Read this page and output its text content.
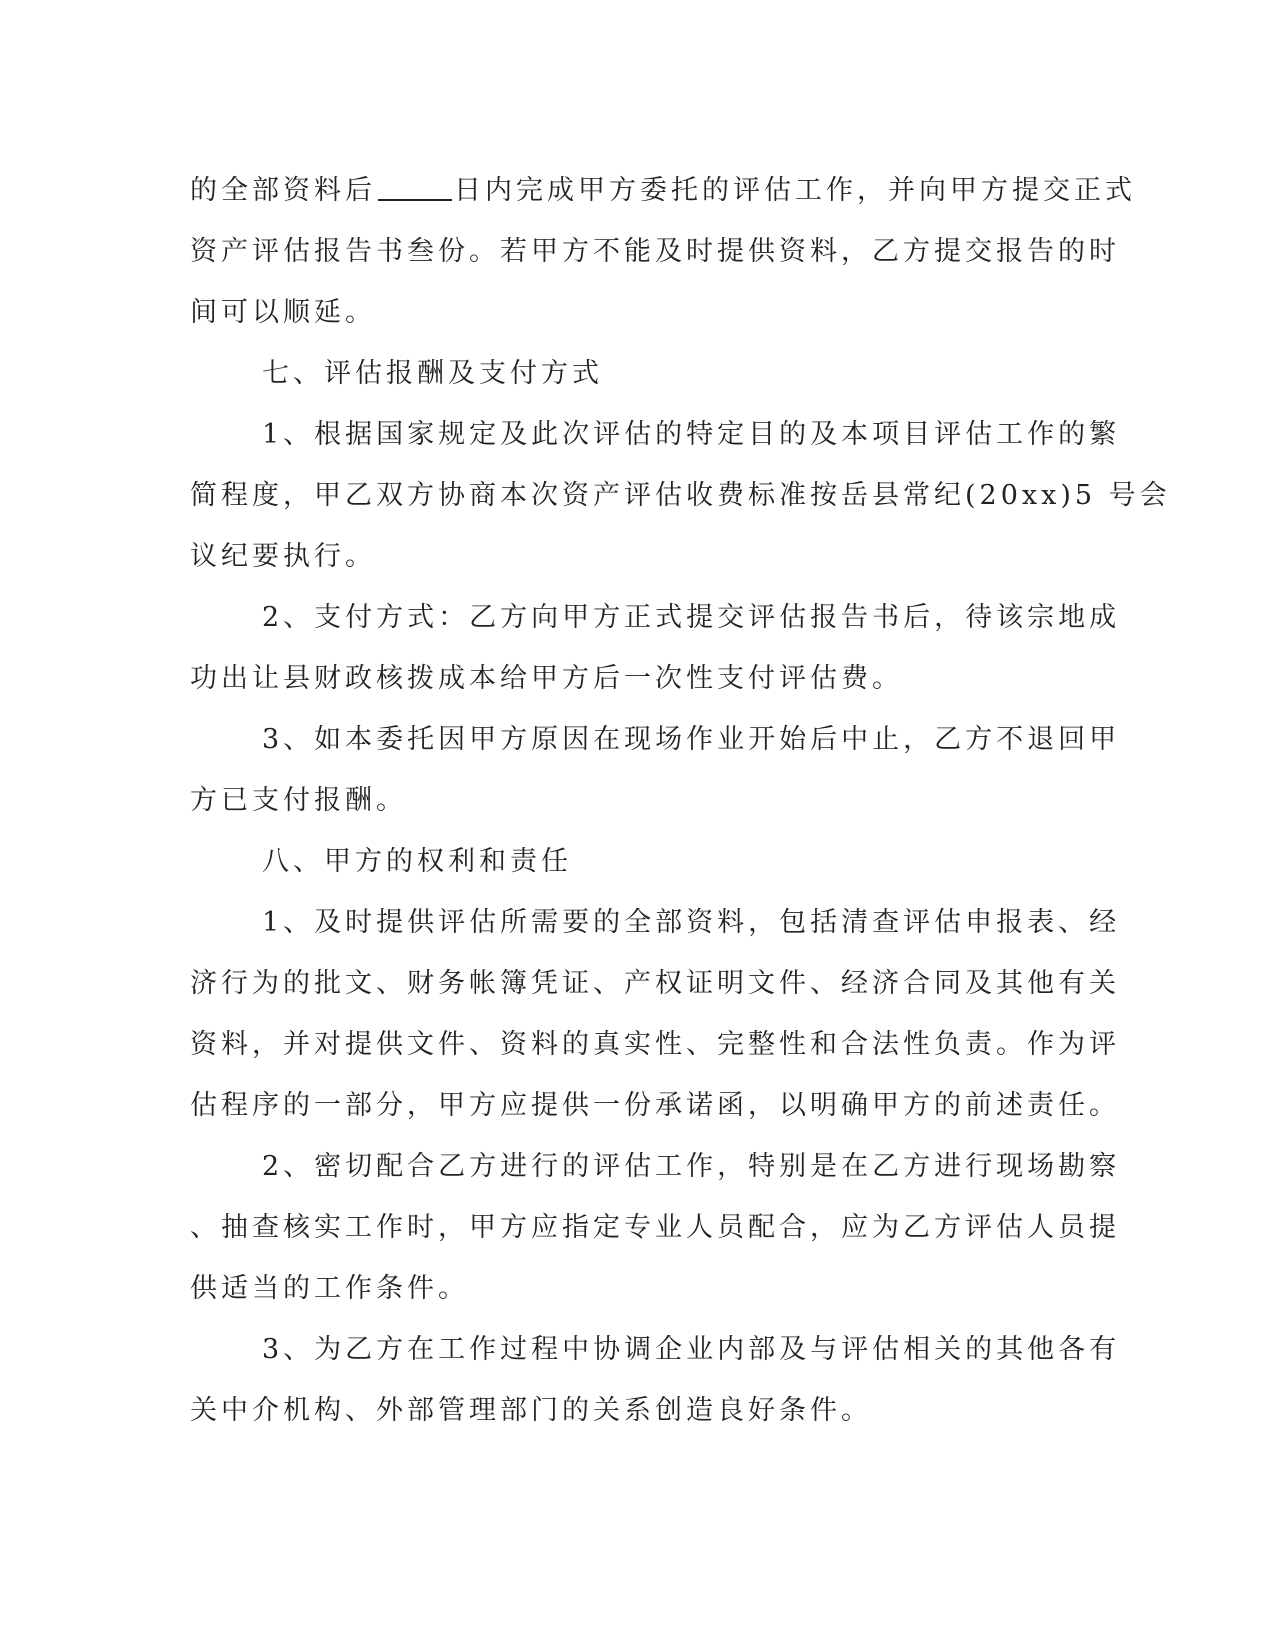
的全部资料后	日内完成甲方委托的评估工作，并向甲方提交正式
资产评估报告书叁份。若甲方不能及时提供资料，乙方提交报告的时
间可以顺延。
七、评估报酬及支付方式
1、根据国家规定及此次评估的特定目的及本项目评估工作的繁
简程度，甲乙双方协商本次资产评估收费标准按岳县常纪(20xx)5 号会
议纪要执行。
2、支付方式：乙方向甲方正式提交评估报告书后，待该宗地成
功出让县财政核拨成本给甲方后一次性支付评估费。
3、如本委托因甲方原因在现场作业开始后中止，乙方不退回甲
方已支付报酬。
八、甲方的权利和责任
1、及时提供评估所需要的全部资料，包括清查评估申报表、经
济行为的批文、财务帐簿凭证、产权证明文件、经济合同及其他有关
资料，并对提供文件、资料的真实性、完整性和合法性负责。作为评
估程序的一部分，甲方应提供一份承诺函，以明确甲方的前述责任。
2、密切配合乙方进行的评估工作，特别是在乙方进行现场勘察
、抽查核实工作时，甲方应指定专业人员配合，应为乙方评估人员提
供适当的工作条件。
3、为乙方在工作过程中协调企业内部及与评估相关的其他各有
关中介机构、外部管理部门的关系创造良好条件。
